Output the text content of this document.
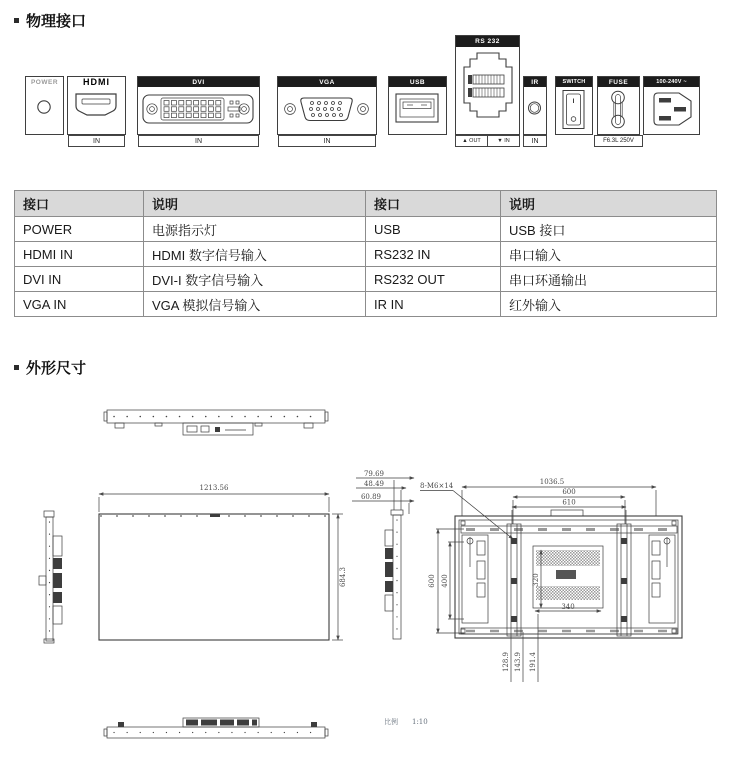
物理接口
POWER	HDMI
IN
DVI
IN
VGA
IN
USB
RS 232
▲ OUT	▼ IN
IR
IN
SWITCH	FUSE
F6.3L 250V
100-240V ~
接口	说明	接口	说明
POWER	电源指示灯	USB	USB 接口
HDMI IN	HDMI 数字信号输入	RS232 IN	串口输入
DVI IN	DVI-I 数字信号输入	RS232 OUT	串口环通输出
VGA IN	VGA 模拟信号输入	IR IN	红外输入
外形尺寸
1213.56
684.3
79.69
48.49
60.89
1036.5
600
610
8-M6×14
600 400	320
340
128.9 143.9 191.4
比例 1:10
